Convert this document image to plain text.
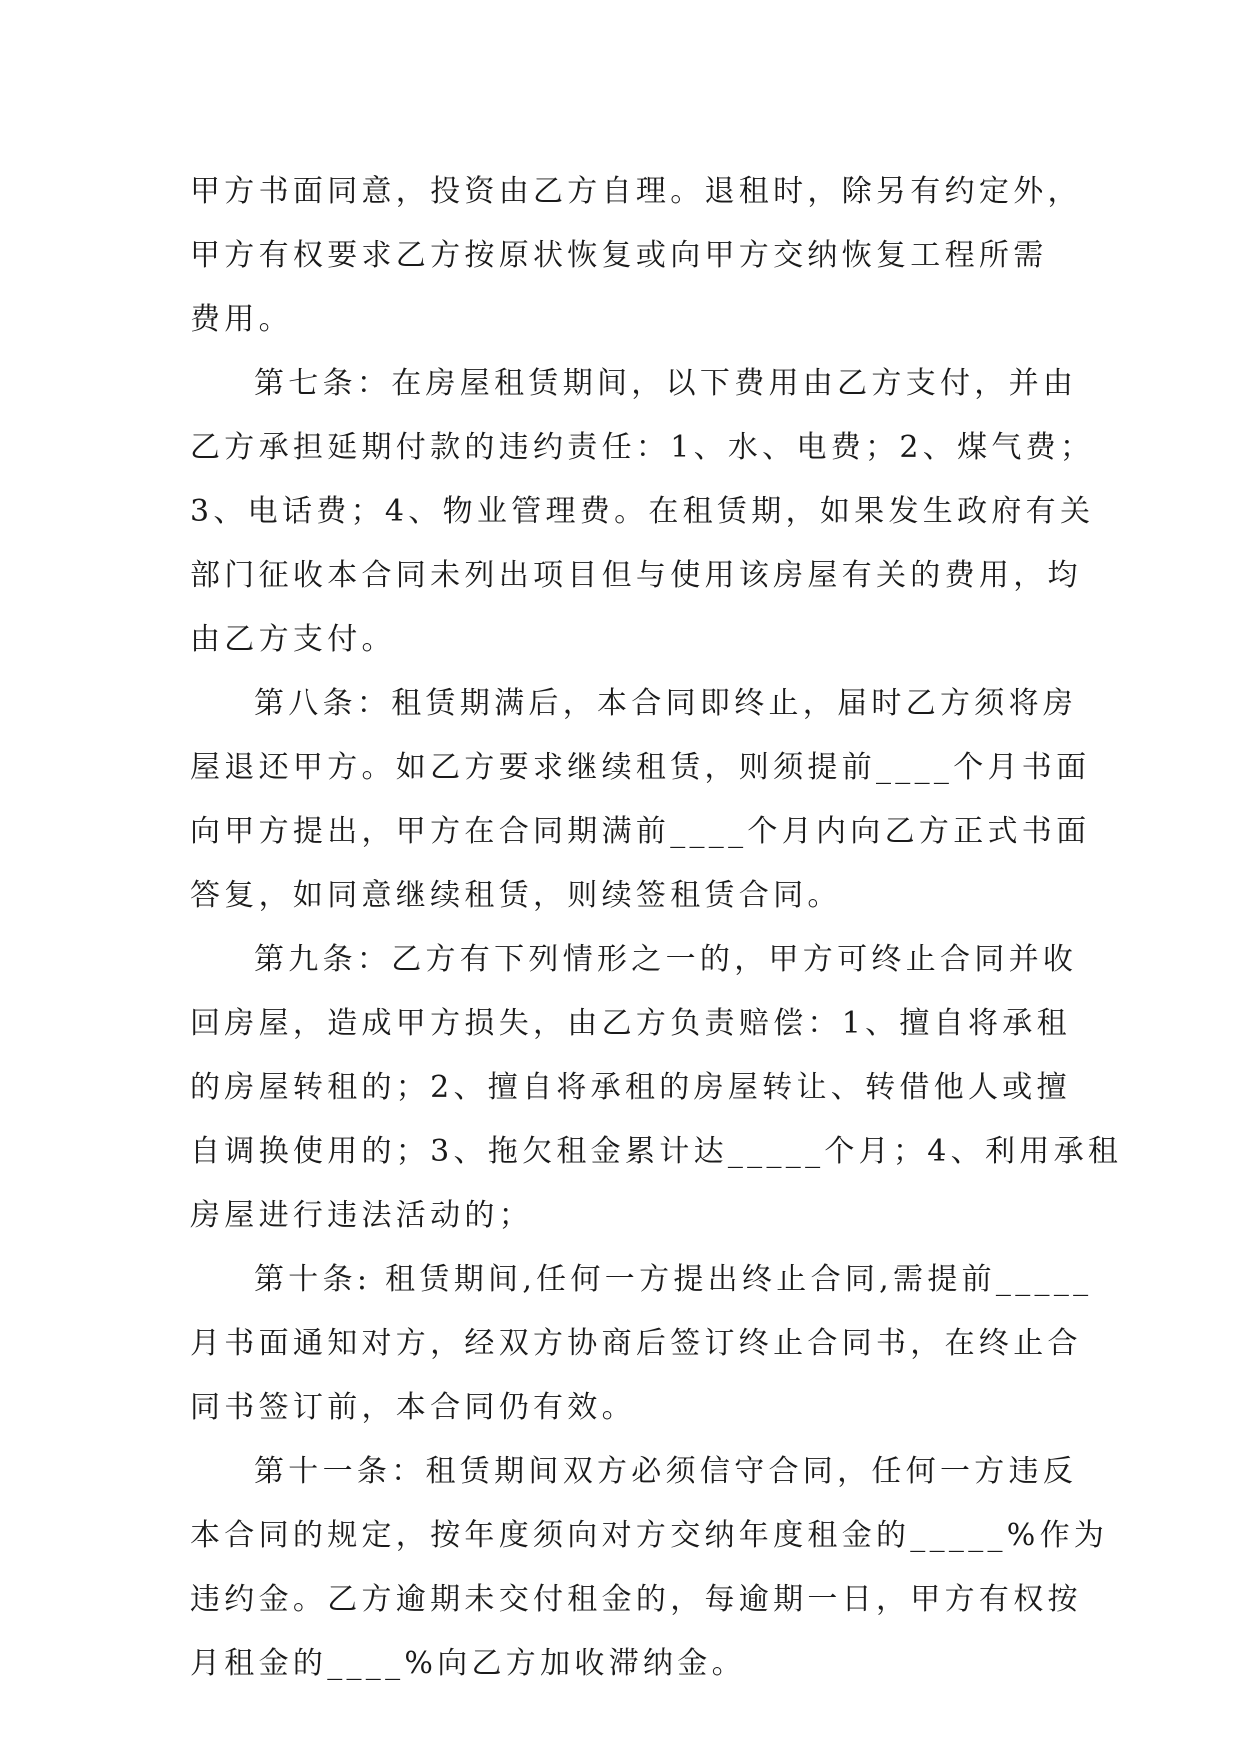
甲方书面同意，投资由乙方自理。退租时，除另有约定外，
甲方有权要求乙方按原状恢复或向甲方交纳恢复工程所需
费用。
第七条：在房屋租赁期间，以下费用由乙方支付，并由
乙方承担延期付款的违约责任：1、水、电费；2、煤气费；
3、电话费；4、物业管理费。在租赁期，如果发生政府有关
部门征收本合同未列出项目但与使用该房屋有关的费用，均
由乙方支付。
第八条：租赁期满后，本合同即终止，届时乙方须将房
屋退还甲方。如乙方要求继续租赁，则须提前____个月书面
向甲方提出，甲方在合同期满前____个月内向乙方正式书面
答复，如同意继续租赁，则续签租赁合同。
第九条：乙方有下列情形之一的，甲方可终止合同并收
回房屋，造成甲方损失，由乙方负责赔偿：1、擅自将承租
的房屋转租的；2、擅自将承租的房屋转让、转借他人或擅
自调换使用的；3、拖欠租金累计达_____个月；4、利用承租
房屋进行违法活动的；
第十条: 租赁期间,任何一方提出终止合同,需提前_____
月书面通知对方，经双方协商后签订终止合同书，在终止合
同书签订前，本合同仍有效。
第十一条：租赁期间双方必须信守合同，任何一方违反
本合同的规定，按年度须向对方交纳年度租金的_____%作为
违约金。乙方逾期未交付租金的，每逾期一日，甲方有权按
月租金的____%向乙方加收滞纳金。
